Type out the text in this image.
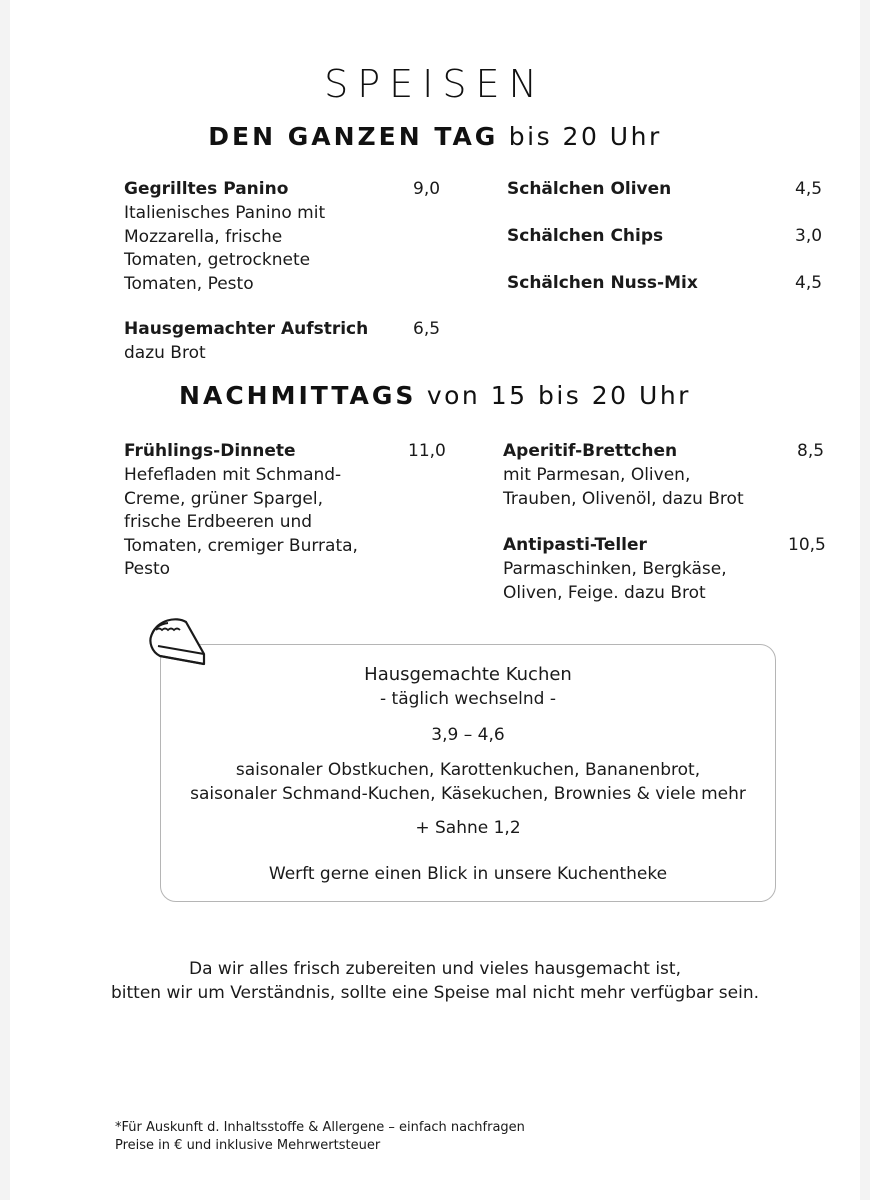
SPEISEN
DEN GANZEN TAG bis 20 Uhr
Gegrilltes Panino	9,0
Italienisches Panino mit
Mozzarella, frische
Tomaten, getrocknete
Tomaten, Pesto
Hausgemachter Aufstrich	6,5
dazu Brot
Schälchen Oliven	4,5
Schälchen Chips	3,0
Schälchen Nuss-Mix	4,5
NACHMITTAGS von 15 bis 20 Uhr
Frühlings-Dinnete	11,0
Hefefladen mit Schmand-
Creme, grüner Spargel,
frische Erdbeeren und
Tomaten, cremiger Burrata,
Pesto
Aperitif-Brettchen	8,5
mit Parmesan, Oliven,
Trauben, Olivenöl, dazu Brot
Antipasti-Teller	10,5
Parmaschinken, Bergkäse,
Oliven, Feige. dazu Brot
Hausgemachte Kuchen
- täglich wechselnd -
3,9 – 4,6
saisonaler Obstkuchen, Karottenkuchen, Bananenbrot,
saisonaler Schmand-Kuchen, Käsekuchen, Brownies & viele mehr
+ Sahne 1,2
Werft gerne einen Blick in unsere Kuchentheke
Da wir alles frisch zubereiten und vieles hausgemacht ist,
bitten wir um Verständnis, sollte eine Speise mal nicht mehr verfügbar sein.
*Für Auskunft d. Inhaltsstoffe & Allergene – einfach nachfragen
Preise in € und inklusive Mehrwertsteuer
